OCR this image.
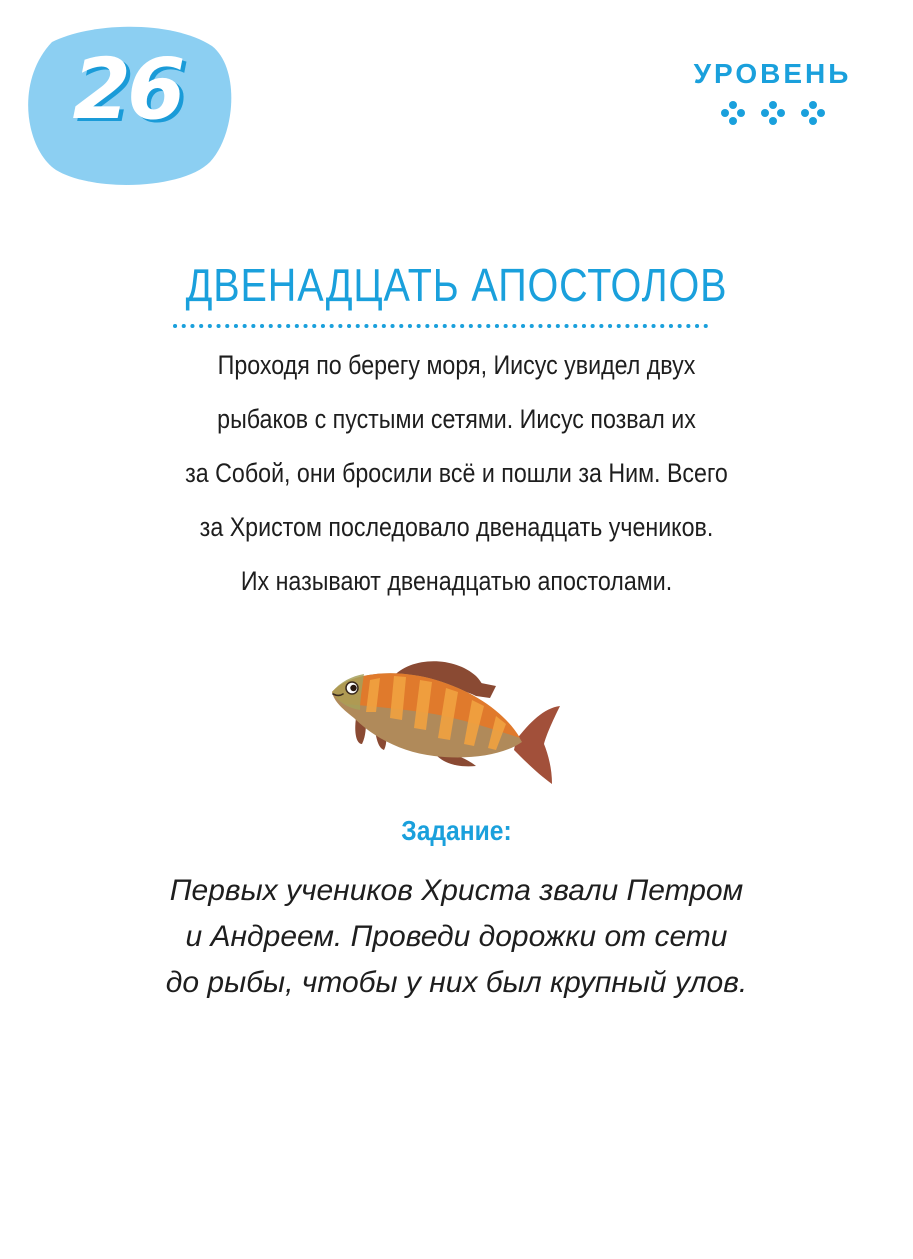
26	УРОВЕНЬ
ДВЕНАДЦАТЬ АПОСТОЛОВ
Проходя по берегу моря, Иисус увидел двух
рыбаков с пустыми сетями. Иисус позвал их
за Собой, они бросили всё и пошли за Ним. Всего
за Христом последовало двенадцать учеников.
Их называют двенадцатью апостолами.
Задание:
Первых учеников Христа звали Петром
и Андреем. Проведи дорожки от сети
до рыбы, чтобы у них был крупный улов.
